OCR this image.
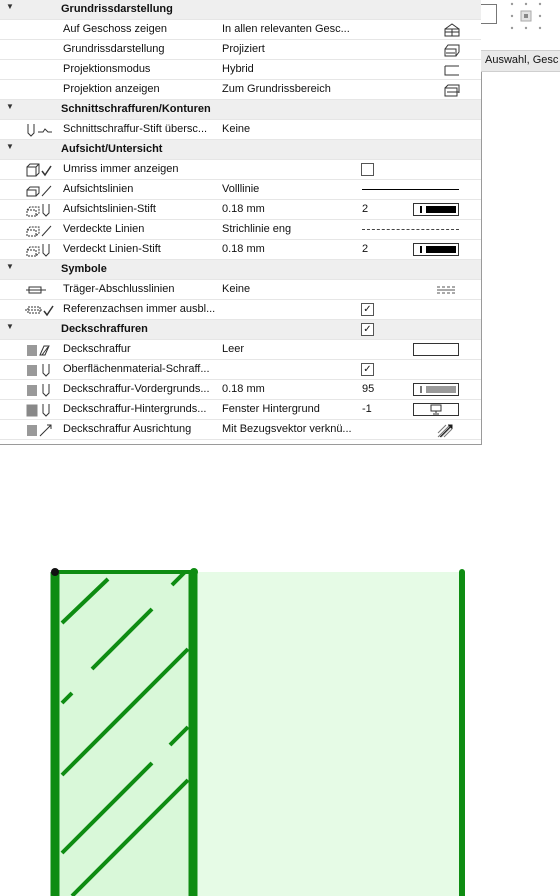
▼	Grundrissdarstellung
Auf Geschoss zeigen	In allen relevanten Gesc...
Grundrissdarstellung	Projiziert
Projektionsmodus	Hybrid
Projektion anzeigen	Zum Grundrissbereich
▼	Schnittschraffuren/Konturen
Schnittschraffur-Stift übersc...	Keine
▼	Aufsicht/Untersicht
Umriss immer anzeigen
Aufsichtslinien	Volllinie
Aufsichtslinien-Stift	0.18 mm	2
Verdeckte Linien	Strichlinie eng
Verdeckt Linien-Stift	0.18 mm	2
▼	Symbole
Träger-Abschlusslinien	Keine
Referenzachsen immer ausbl...	✓
▼	Deckschraffuren	✓
Deckschraffur	Leer
Oberflächenmaterial-Schraff...	✓
Deckschraffur-Vordergrunds...	0.18 mm	95
Deckschraffur-Hintergrunds...	Fenster Hintergrund	-1
Deckschraffur Ausrichtung	Mit Bezugsvektor verknü...
Auswahl, Gesc
